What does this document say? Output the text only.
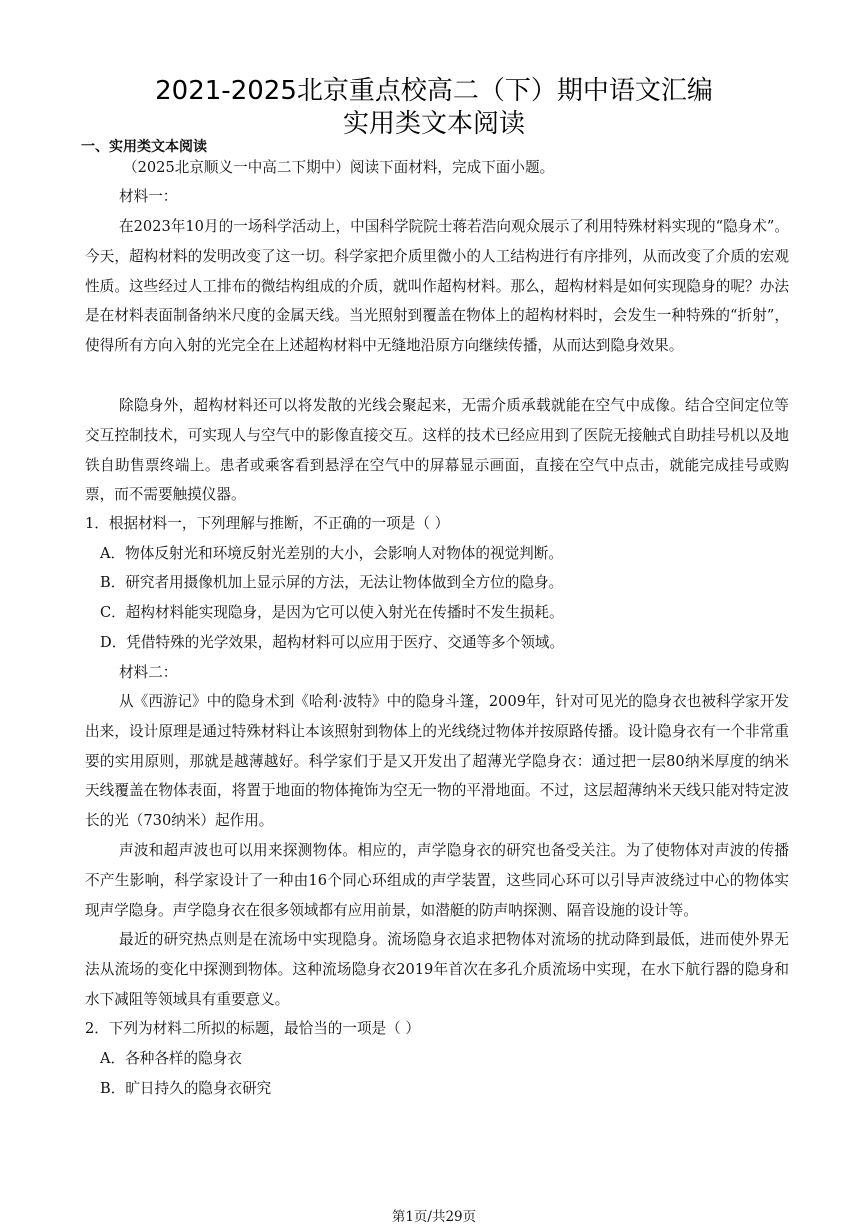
2021-2025北京重点校高二（下）期中语文汇编
实用类文本阅读
一、实用类文本阅读
（2025北京顺义一中高二下期中）阅读下面材料，完成下面小题。
材料一：
在2023年10月的一场科学活动上，中国科学院院士蒋若浩向观众展示了利用特殊材料实现的“隐身术”。今天，超构材料的发明改变了这一切。科学家把介质里微小的人工结构进行有序排列，从而改变了介质的宏观性质。这些经过人工排布的微结构组成的介质，就叫作超构材料。那么，超构材料是如何实现隐身的呢？办法是在材料表面制备纳米尺度的金属天线。当光照射到覆盖在物体上的超构材料时，会发生一种特殊的“折射”，使得所有方向入射的光完全在上述超构材料中无缝地沿原方向继续传播，从而达到隐身效果。
除隐身外，超构材料还可以将发散的光线会聚起来，无需介质承载就能在空气中成像。结合空间定位等交互控制技术，可实现人与空气中的影像直接交互。这样的技术已经应用到了医院无接触式自助挂号机以及地铁自助售票终端上。患者或乘客看到悬浮在空气中的屏幕显示画面，直接在空气中点击，就能完成挂号或购票，而不需要触摸仪器。
1．根据材料一，下列理解与推断，不正确的一项是（ ）
A．物体反射光和环境反射光差别的大小，会影响人对物体的视觉判断。
B．研究者用摄像机加上显示屏的方法，无法让物体做到全方位的隐身。
C．超构材料能实现隐身，是因为它可以使入射光在传播时不发生损耗。
D．凭借特殊的光学效果，超构材料可以应用于医疗、交通等多个领域。
材料二：
从《西游记》中的隐身术到《哈利·波特》中的隐身斗篷，2009年，针对可见光的隐身衣也被科学家开发出来，设计原理是通过特殊材料让本该照射到物体上的光线绕过物体并按原路传播。设计隐身衣有一个非常重要的实用原则，那就是越薄越好。科学家们于是又开发出了超薄光学隐身衣：通过把一层80纳米厚度的纳米天线覆盖在物体表面，将置于地面的物体掩饰为空无一物的平滑地面。不过，这层超薄纳米天线只能对特定波长的光（730纳米）起作用。
声波和超声波也可以用来探测物体。相应的，声学隐身衣的研究也备受关注。为了使物体对声波的传播不产生影响，科学家设计了一种由16个同心环组成的声学装置，这些同心环可以引导声波绕过中心的物体实现声学隐身。声学隐身衣在很多领域都有应用前景，如潜艇的防声呐探测、隔音设施的设计等。
最近的研究热点则是在流场中实现隐身。流场隐身衣追求把物体对流场的扰动降到最低，进而使外界无法从流场的变化中探测到物体。这种流场隐身衣2019年首次在多孔介质流场中实现，在水下航行器的隐身和水下减阻等领域具有重要意义。
2．下列为材料二所拟的标题，最恰当的一项是（ ）
A．各种各样的隐身衣
B．旷日持久的隐身衣研究
第1页/共29页
